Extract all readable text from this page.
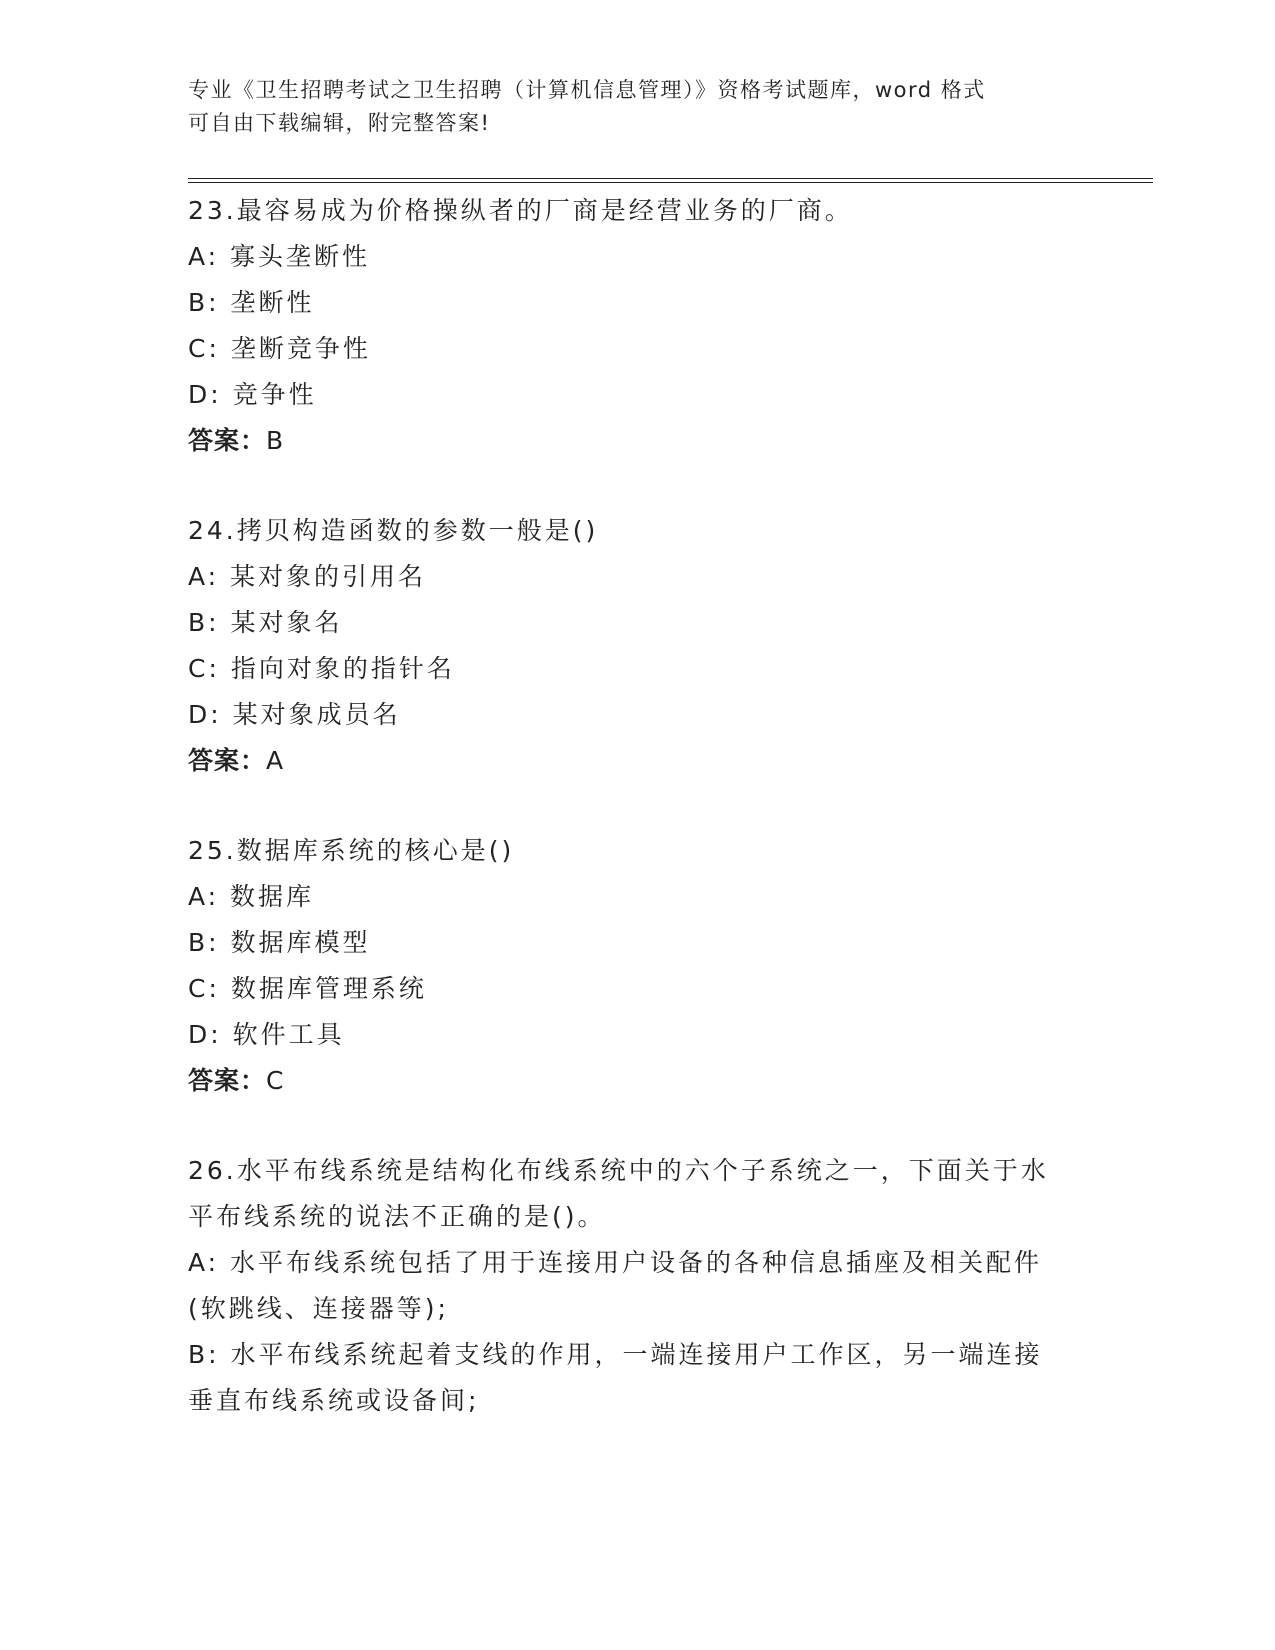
专业《卫生招聘考试之卫生招聘（计算机信息管理）》资格考试题库，word 格式
可自由下载编辑，附完整答案!
23.最容易成为价格操纵者的厂商是经营业务的厂商。
A: 寡头垄断性
B: 垄断性
C: 垄断竞争性
D: 竞争性
答案：B
24.拷贝构造函数的参数一般是()
A: 某对象的引用名
B: 某对象名
C: 指向对象的指针名
D: 某对象成员名
答案：A
25.数据库系统的核心是()
A: 数据库
B: 数据库模型
C: 数据库管理系统
D: 软件工具
答案：C
26.水平布线系统是结构化布线系统中的六个子系统之一，下面关于水
平布线系统的说法不正确的是()。
A: 水平布线系统包括了用于连接用户设备的各种信息插座及相关配件
(软跳线、连接器等);
B: 水平布线系统起着支线的作用，一端连接用户工作区，另一端连接
垂直布线系统或设备间;
